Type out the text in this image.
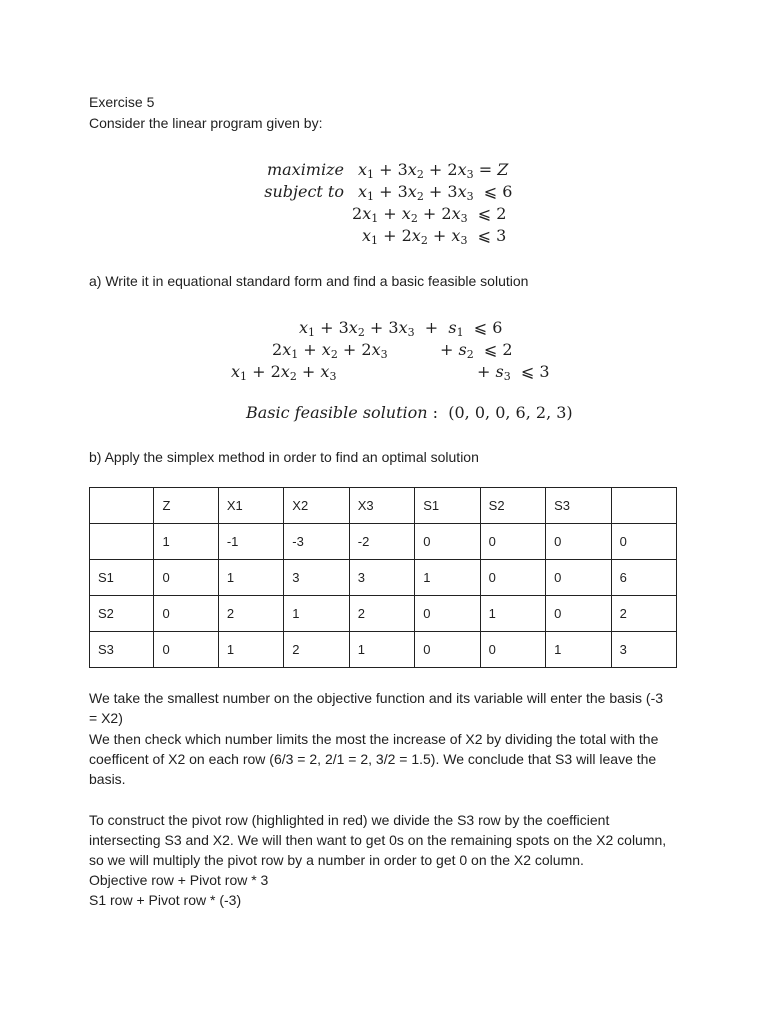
Exercise 5
Consider the linear program given by:
maximize $x_1 + 3x_2 + 2x_3 = Z$
subject to $x_1 + 3x_2 + 3x_3$  ⩽ 6
$2x_1 + x_2 + 2x_3$  ⩽ 2
$x_1 + 2x_2 + x_3$  ⩽ 3
a) Write it in equational standard form and find a basic feasible solution
$x_1 + 3x_2 + 3x_3 + s_1$  ⩽ 6
$2x_1 + x_2 + 2x_3$	+ $s_2$  ⩽ 2
$x_1 + 2x_2 + x_3$	+ $s_3$  ⩽ 3
Basic feasible solution :  (0, 0, 0, 6, 2, 3)
b) Apply the simplex method in order to find an optimal solution
	Z	X1	X2	X3	S1	S2	S3	
	1	-1	-3	-2	0	0	0	0
S1	0	1	3	3	1	0	0	6
S2	0	2	1	2	0	1	0	2
S3	0	1	2	1	0	0	1	3
We take the smallest number on the objective function and its variable will enter the basis (-3
= X2)
We then check which number limits the most the increase of X2 by dividing the total with the
coefficent of X2 on each row (6/3 = 2, 2/1 = 2, 3/2 = 1.5). We conclude that S3 will leave the
basis.
To construct the pivot row (highlighted in red) we divide the S3 row by the coefficient
intersecting S3 and X2. We will then want to get 0s on the remaining spots on the X2 column,
so we will multiply the pivot row by a number in order to get 0 on the X2 column.
Objective row + Pivot row * 3
S1 row + Pivot row * (-3)
